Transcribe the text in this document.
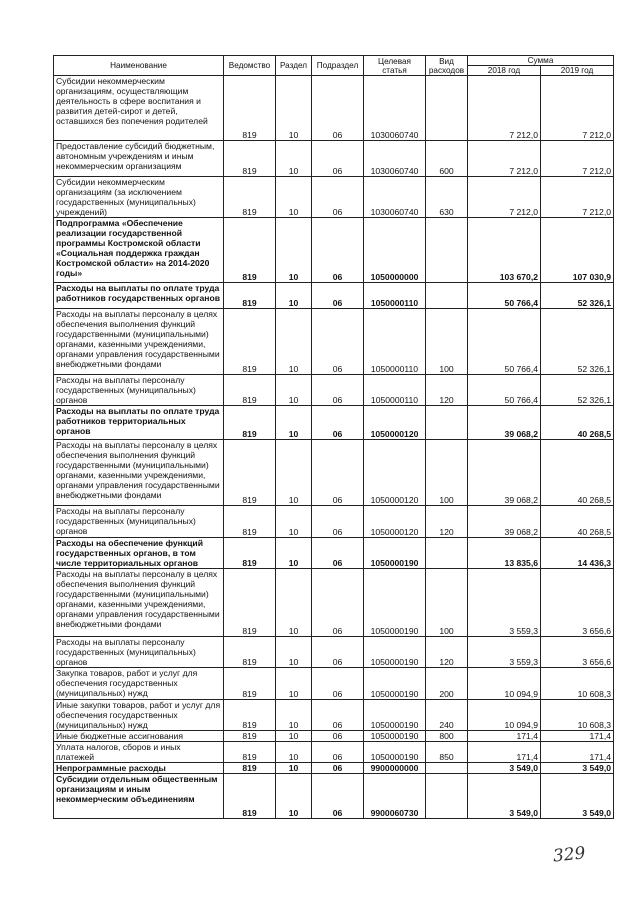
Наименование	Ведомство	Раздел	Подраздел	Целевая статья	Вид расходов	Сумма	
						2018 год	2019 год
Субсидии некоммерческим организациям, осуществляющим деятельность в сфере воспитания и развития детей-сирот и детей, оставшихся без попечения родителей	819	10	06	1030060740		7 212,0	7 212,0
Предоставление субсидий бюджетным, автономным учреждениям и иным некоммерческим организациям	819	10	06	1030060740	600	7 212,0	7 212,0
Субсидии некоммерческим организациям (за исключением государственных (муниципальных) учреждений)	819	10	06	1030060740	630	7 212,0	7 212,0
Подпрограмма «Обеспечение реализации государственной программы Костромской области «Социальная поддержка граждан Костромской области» на 2014-2020 годы»	819	10	06	1050000000		103 670,2	107 030,9
Расходы на выплаты по оплате труда работников государственных органов	819	10	06	1050000110		50 766,4	52 326,1
Расходы на выплаты персоналу в целях обеспечения выполнения функций государственными (муниципальными) органами, казенными учреждениями, органами управления государственными внебюджетными фондами	819	10	06	1050000110	100	50 766,4	52 326,1
Расходы на выплаты персоналу государственных (муниципальных) органов	819	10	06	1050000110	120	50 766,4	52 326,1
Расходы на выплаты по оплате труда работников территориальных органов	819	10	06	1050000120		39 068,2	40 268,5
Расходы на выплаты персоналу в целях обеспечения выполнения функций государственными (муниципальными) органами, казенными учреждениями, органами управления государственными внебюджетными фондами	819	10	06	1050000120	100	39 068,2	40 268,5
Расходы на выплаты персоналу государственных (муниципальных) органов	819	10	06	1050000120	120	39 068,2	40 268,5
Расходы на обеспечение функций государственных органов, в том числе территориальных органов	819	10	06	1050000190		13 835,6	14 436,3
Расходы на выплаты персоналу в целях обеспечения выполнения функций государственными (муниципальными) органами, казенными учреждениями, органами управления государственными внебюджетными фондами	819	10	06	1050000190	100	3 559,3	3 656,6
Расходы на выплаты персоналу государственных (муниципальных) органов	819	10	06	1050000190	120	3 559,3	3 656,6
Закупка товаров, работ и услуг для обеспечения государственных (муниципальных) нужд	819	10	06	1050000190	200	10 094,9	10 608,3
Иные закупки товаров, работ и услуг для обеспечения государственных (муниципальных) нужд	819	10	06	1050000190	240	10 094,9	10 608,3
Иные бюджетные ассигнования	819	10	06	1050000190	800	171,4	171,4
Уплата налогов, сборов и иных платежей	819	10	06	1050000190	850	171,4	171,4
Непрограммные расходы	819	10	06	9900000000		3 549,0	3 549,0
Субсидии отдельным общественным организациям и иным некоммерческим объединениям	819	10	06	9900060730		3 549,0	3 549,0
329
